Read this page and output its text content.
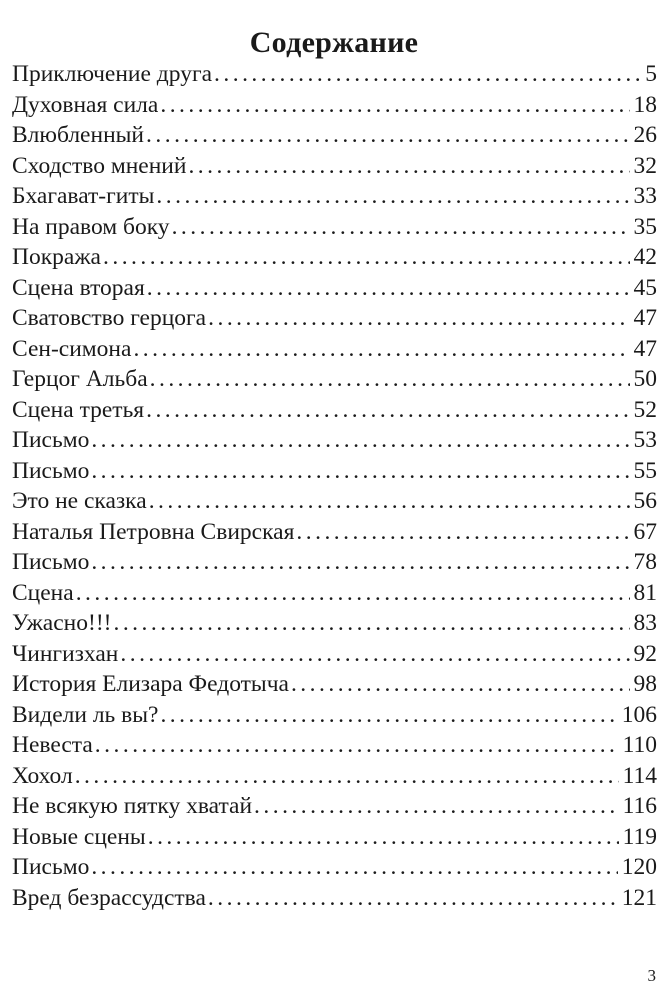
Содержание
Приключение друга . . .	5
Духовная сила . . .	18
Влюбленный . . .	26
Сходство мнений . . .	32
Бхагават-гиты . . .	33
На правом боку . . .	35
Покража . . .	42
Сцена вторая . . .	45
Сватовство герцога . . .	47
Сен-симона . . .	47
Герцог Альба . . .	50
Сцена третья . . .	52
Письмо . . .	53
Письмо . . .	55
Это не сказка . . .	56
Наталья Петровна Свирская . . .	67
Письмо . . .	78
Сцена . . .	81
Ужасно!!! . . .	83
Чингизхан . . .	92
История Елизара Федотыча . . .	98
Видели ль вы? . . .	106
Невеста . . .	110
Хохол . . .	114
Не всякую пятку хватай . . .	116
Новые сцены . . .	119
Письмо . . .	120
Вред безрассудства . . .	121
3
